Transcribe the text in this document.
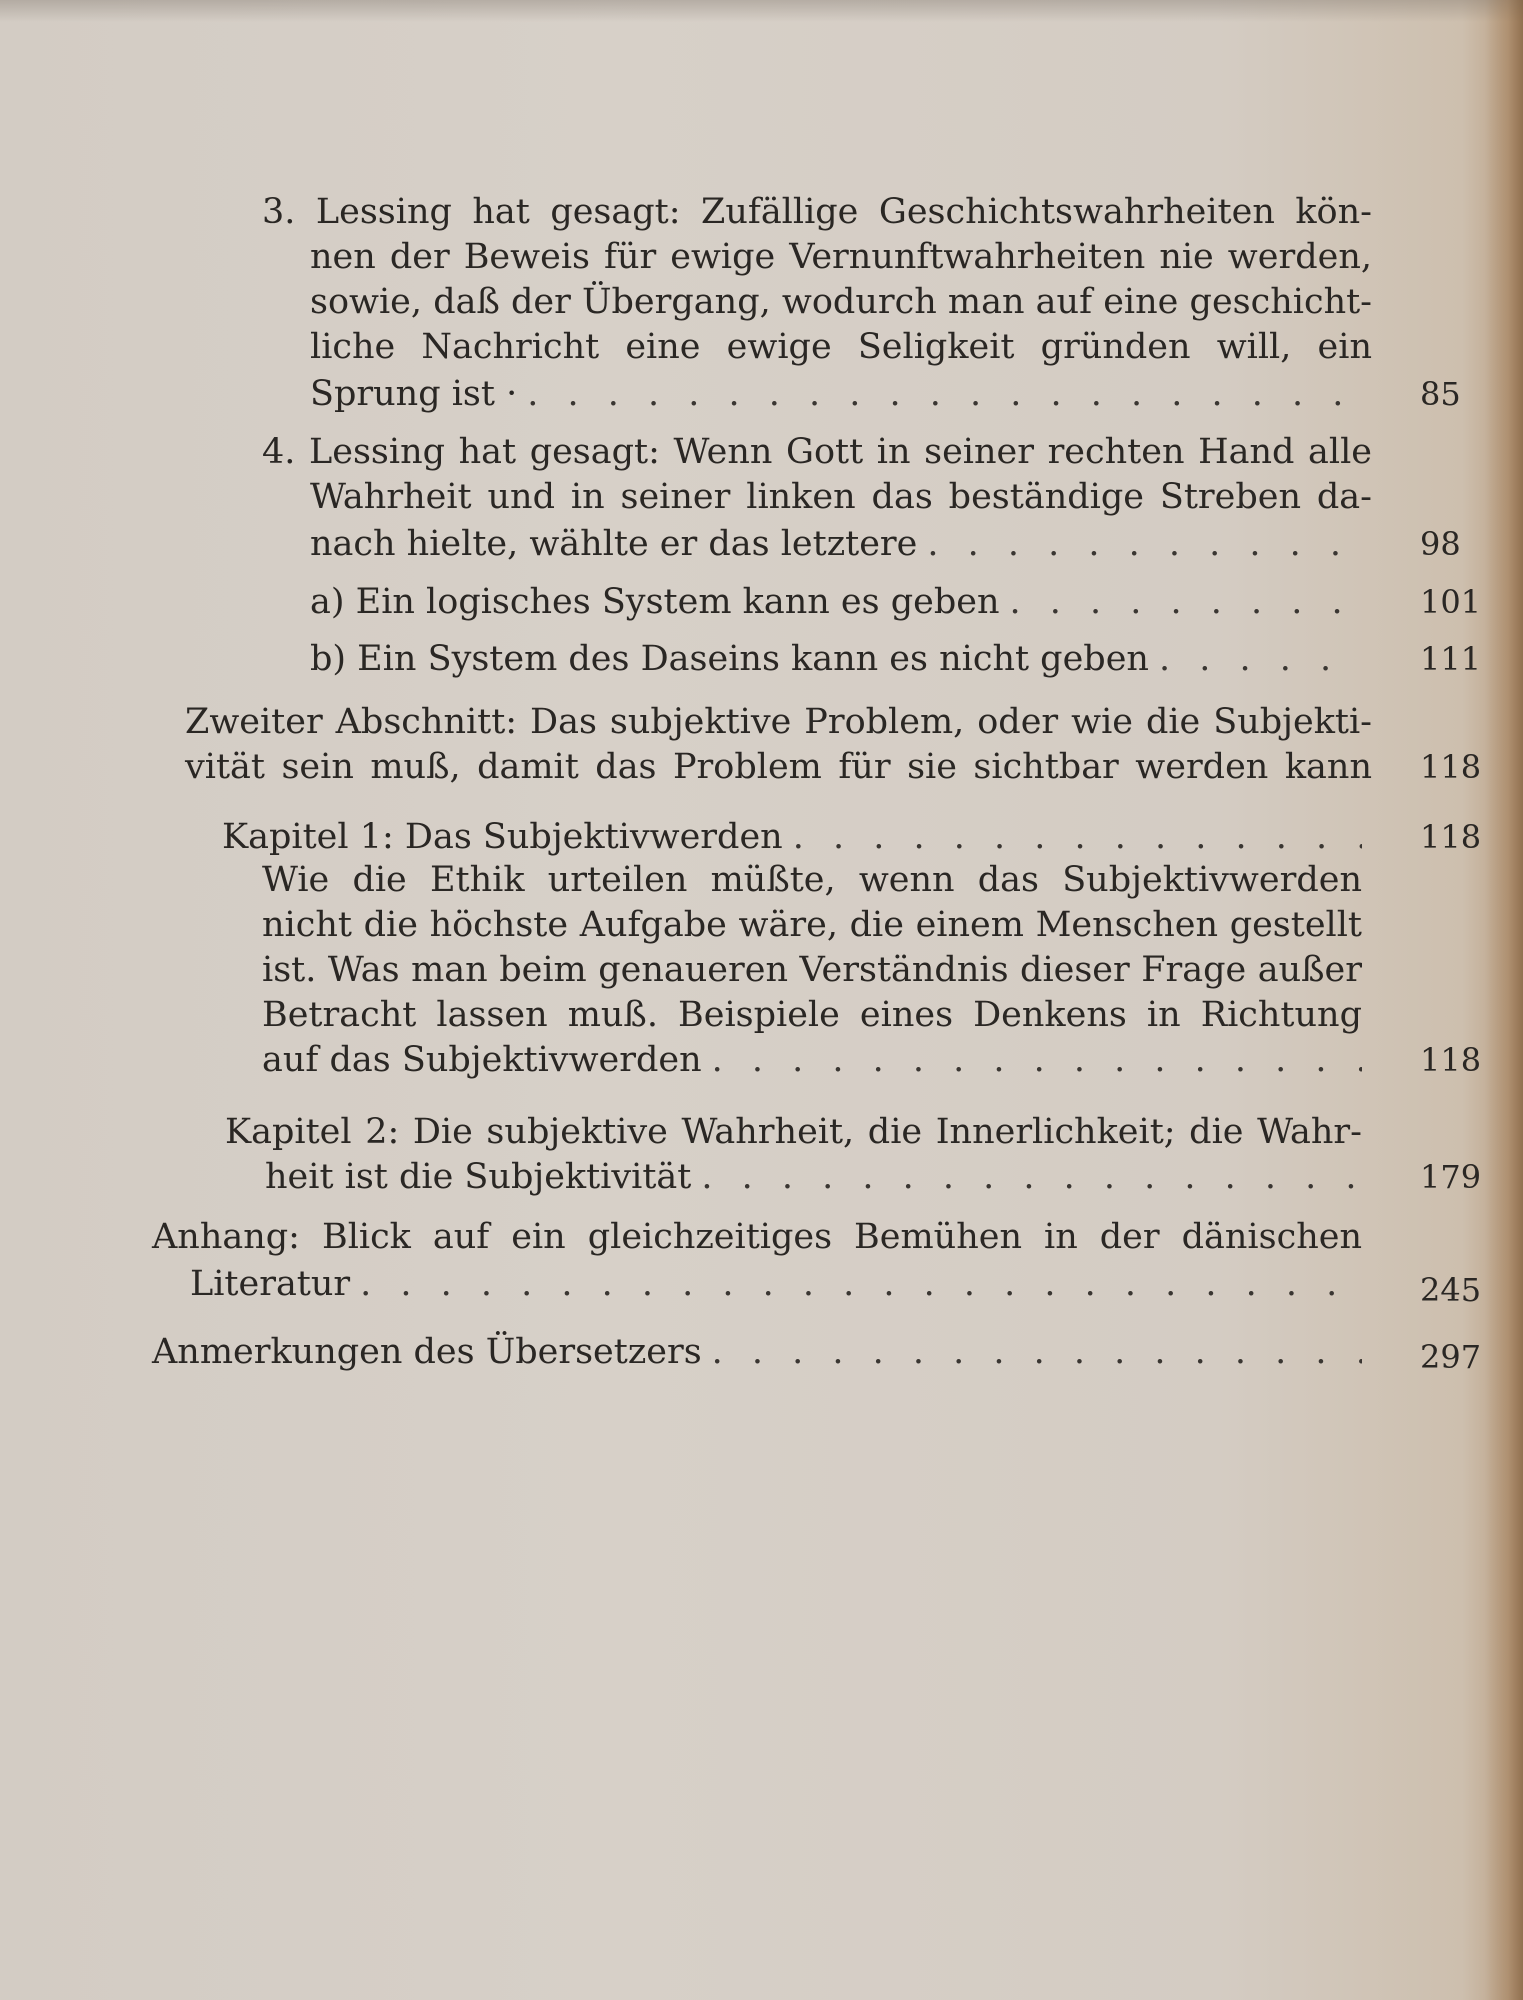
3. Lessing hat gesagt: Zufällige Geschichtswahrheiten kön-
nen der Beweis für ewige Vernunftwahrheiten nie werden,
sowie, daß der Übergang, wodurch man auf eine geschicht-
liche Nachricht eine ewige Seligkeit gründen will, ein
Sprung ist · . . .	85
4. Lessing hat gesagt: Wenn Gott in seiner rechten Hand alle
Wahrheit und in seiner linken das beständige Streben da-
nach hielte, wählte er das letztere . . .	98
a) Ein logisches System kann es geben . . .	101
b) Ein System des Daseins kann es nicht geben . . .	111
Zweiter Abschnitt: Das subjektive Problem, oder wie die Subjekti-
vität sein muß, damit das Problem für sie sichtbar werden kann 118
Kapitel 1: Das Subjektivwerden . . .	118
Wie die Ethik urteilen müßte, wenn das Subjektivwerden
nicht die höchste Aufgabe wäre, die einem Menschen gestellt
ist. Was man beim genaueren Verständnis dieser Frage außer
Betracht lassen muß. Beispiele eines Denkens in Richtung
auf das Subjektivwerden . . .	118
Kapitel 2: Die subjektive Wahrheit, die Innerlichkeit; die Wahr-
heit ist die Subjektivität . . .	179
Anhang: Blick auf ein gleichzeitiges Bemühen in der dänischen
Literatur . . .	245
Anmerkungen des Übersetzers . . .	297
